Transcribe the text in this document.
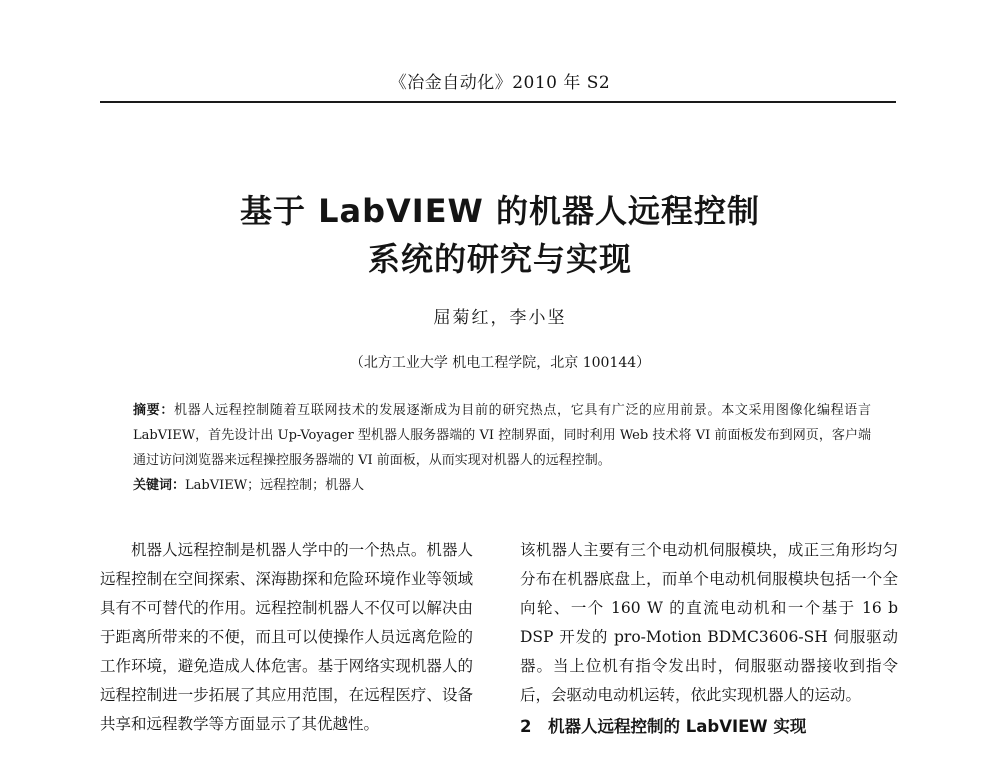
《冶金自动化》2010 年 S2
基于 LabVIEW 的机器人远程控制
系统的研究与实现
屈菊红，李小坚
（北方工业大学 机电工程学院，北京 100144）

摘要：机器人远程控制随着互联网技术的发展逐渐成为目前的研究热点，它具有广泛的应用前景。本文采用图像化编程语言 LabVIEW，首先设计出 Up-Voyager 型机器人服务器端的 VI 控制界面，同时利用 Web 技术将 VI 前面板发布到网页，客户端通过访问浏览器来远程操控服务器端的 VI 前面板，从而实现对机器人的远程控制。

关键词：LabVIEW；远程控制；机器人

机器人远程控制是机器人学中的一个热点。机器人远程控制在空间探索、深海勘探和危险环境作业等领域具有不可替代的作用。远程控制机器人不仅可以解决由于距离所带来的不便，而且可以使操作人员远离危险的工作环境，避免造成人体危害。基于网络实现机器人的远程控制进一步拓展了其应用范围，在远程医疗、设备共享和远程教学等方面显示了其优越性。

该机器人主要有三个电动机伺服模块，成正三角形均匀分布在机器底盘上，而单个电动机伺服模块包括一个全向轮、一个 160 W 的直流电动机和一个基于 16 b DSP 开发的 pro-Motion BDMC3606-SH 伺服驱动器。当上位机有指令发出时，伺服驱动器接收到指令后，会驱动电动机运转，依此实现机器人的运动。

2 机器人远程控制的 LabVIEW 实现
